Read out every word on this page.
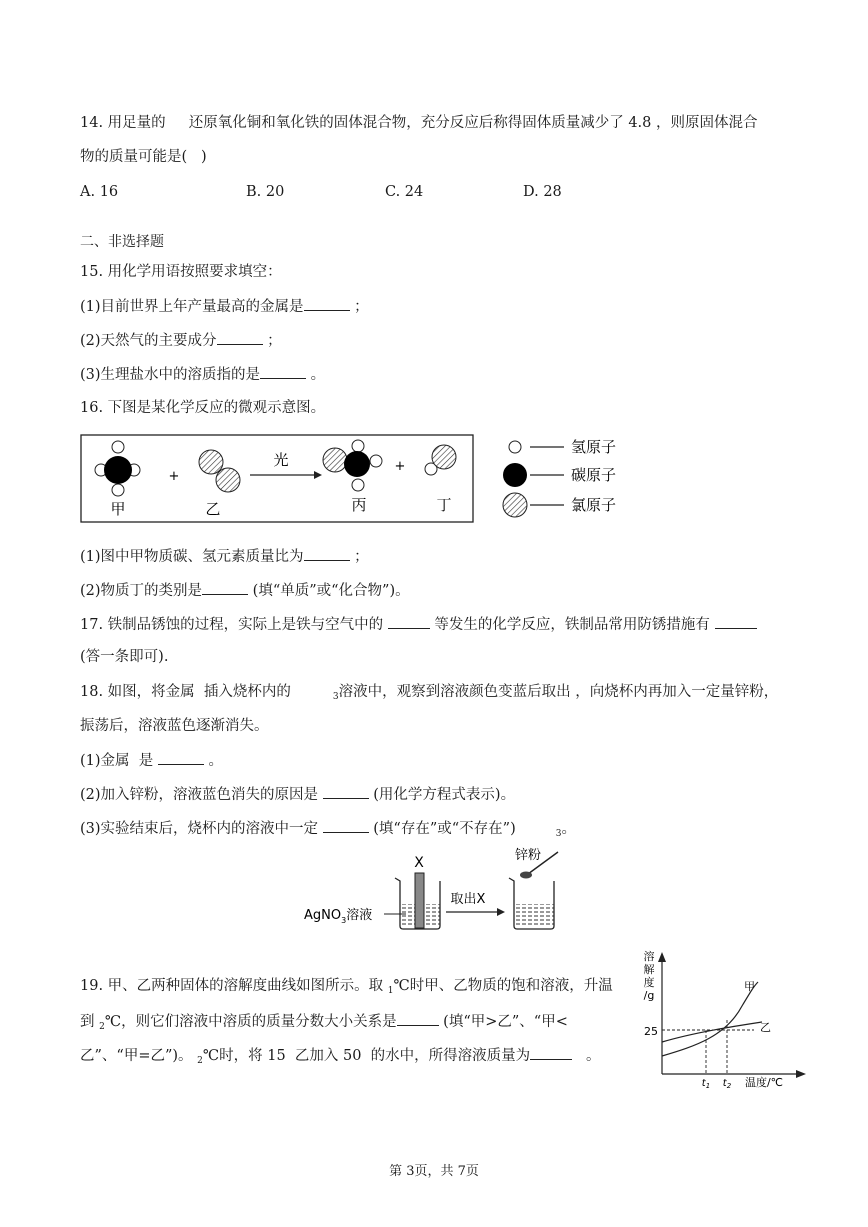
14. 用足量的     还原氧化铜和氧化铁的固体混合物，充分反应后称得固体质量减少了 4.8 ，则原固体混合
物的质量可能是(   )
A. 16	B. 20	C. 24	D. 28
二、非选择题
15. 用化学用语按照要求填空：
(1)目前世界上年产量最高的金属是	；
(2)天然气的主要成分	；
(3)生理盐水中的溶质指的是	。
16. 下图是某化学反应的微观示意图。
甲
+
乙
光
丙
+
丁
氢原子
碳原子
氯原子
(1)图中甲物质碳、氢元素质量比为	；
(2)物质丁的类别是	(填“单质”或“化合物”)。
17. 铁制品锈蚀的过程，实际上是铁与空气中的	等发生的化学反应，铁制品常用防锈措施有
(答一条即可).
18. 如图，将金属  插入烧杯内的	$_3$溶液中，观察到溶液颜色变蓝后取出 ，向烧杯内再加入一定量锌粉，
振荡后，溶液蓝色逐渐消失。
(1)金属  是	。
(2)加入锌粉，溶液蓝色消失的原因是	(用化学方程式表示)。
(3)实验结束后，烧杯内的溶液中一定	(填“存在”或“不存在”)	$_3$。
X
AgNO$_3$溶液
取出X
锌粉
19. 甲、乙两种固体的溶解度曲线如图所示。取 $_1$℃时甲、乙物质的饱和溶液，升温
到 $_2$℃，则它们溶液中溶质的质量分数大小关系是	(填“甲>乙”、“甲<
乙”、“甲=乙”)。 $_2$℃时，将 15  乙加入 50  的水中，所得溶液质量为	。
溶
解
度
/g
25
甲
乙
$t_1$ $t_2$ 温度/℃
第 3页，共 7页
